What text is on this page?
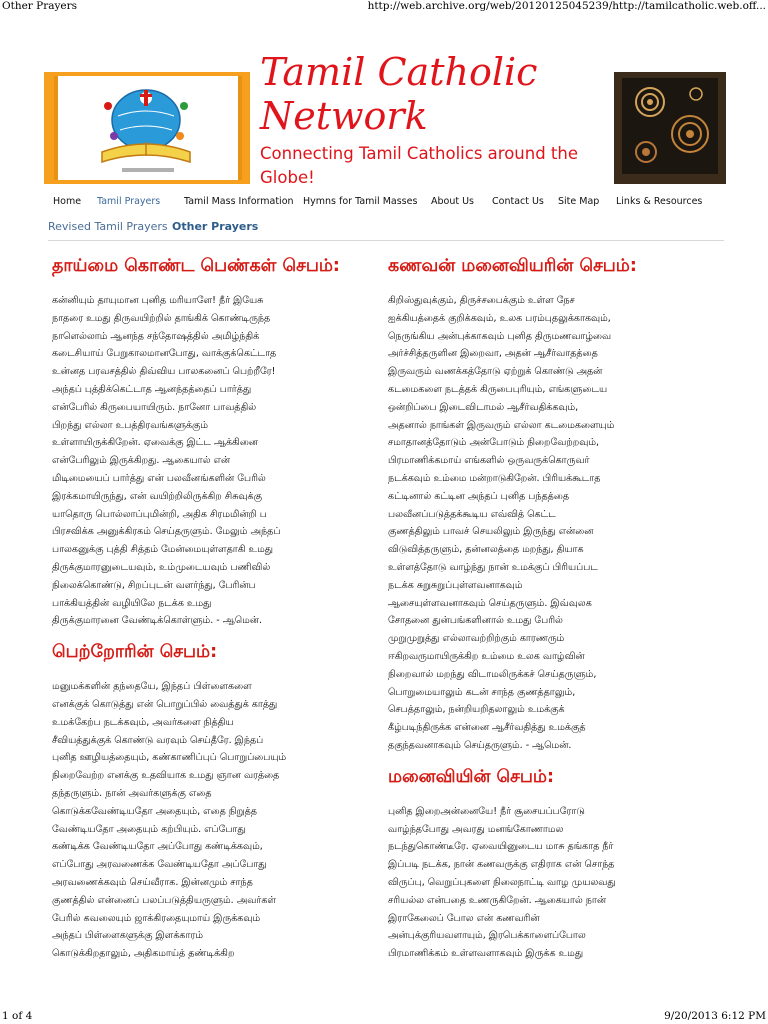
Other Prayers	http://web.archive.org/web/20120125045239/http://tamilcatholic.web.off...
Tamil Catholic
Network
Connecting Tamil Catholics around the Globe!
Home Tamil Prayers	Tamil Mass Information Hymns for Tamil Masses About Us Contact Us Site Map Links & Resources
Revised Tamil Prayers Other Prayers
தாய்மை கொண்ட பெண்கள் செபம்:
கன்னியும் தாயுமான புனித மரியாளே! நீர் இயேசு
நாதரை உமது திருவயிற்றில் தாங்கிக் கொண்டிருந்த
நாளெல்லாம் ஆனந்த சந்தோஷத்தில் அமிழ்ந்திக்
கடைசியாய் பேறுகாலமானபோது, வாக்குக்கெட்டாத
உன்னத பரவசத்தில் திவ்விய பாலகனைப் பெற்றீரே!
அந்தப் புத்திக்கெட்டாத ஆனந்தத்தைப் பார்த்து
என்பேரில் கிருபையாயிரும். நானோ பாவத்தில்
பிறந்து எல்லா உபத்திரவங்களுக்கும்
உள்ளாயிருக்கிறேன். ஏவைக்கு இட்ட ஆக்கினை
என்பேரிலும் இருக்கிறது. ஆகையால் என்
மிடிமையைப் பார்த்து என் பலவீனங்களின் பேரில்
இரக்கமாயிருந்து, என் வயிற்றிலிருக்கிற சிசுவுக்கு
யாதொரு பொல்லாப்புமின்றி, அதிக சிரமமின்றி ப
பிரசவிக்க அனுக்கிரகம் செய்தருளும். மேலும் அந்தப்
பாலகனுக்கு புத்தி சித்தம் மேன்மையுள்ளதாகி உமது
திருக்குமாரனுடையவும், உம்முடையவும் பணிவில்
நிலைக்கொண்டு, சிறப்புடன் வளர்ந்து, பேரின்ப
பாக்கியத்தின் வழியிலே நடக்க உமது
திருக்குமாரனை வேண்டிக்கொள்ளும். - ஆமென்.
பெற்றோரின் செபம்:
மனுமக்களின் தந்தையே, இந்தப் பிள்ளைகளை
எனக்குக் கொடுத்து என் பொறுப்பில் வைத்துக் காத்து
உமக்கேற்ப நடக்கவும், அவர்களை நித்திய
சீவியத்துக்குக் கொண்டு வரவும் செய்தீரே. இந்தப்
புனித ஊழியத்தையும், கண்காணிப்புப் பொறுப்பையும்
நிறைவேற்ற எனக்கு உதவியாக உமது ஞான வரத்தை
தந்தருளும். நான் அவர்களுக்கு எதை
கொடுக்கவேண்டியதோ அதையும், எதை நிறுத்த
வேண்டியதோ அதையும் கற்பியும். எப்போது
கண்டிக்க வேண்டியதோ அப்போது கண்டிக்கவும்,
எப்போது அரவணைக்க வேண்டியதோ அப்போது
அரவணைக்கவும் செய்வீராக. இன்னமும் சாந்த
குணத்தில் என்னைப் பலப்படுத்தியருளும். அவர்கள்
பேரில் கவலையும் ஜாக்கிரதையுமாய் இருக்கவும்
அந்தப் பிள்ளைகளுக்கு இளக்காரம்
கொடுக்கிறதாலும், அதிகமாய்த் தண்டிக்கிற
கணவன் மனைவியரின் செபம்:
கிறிஸ்துவுக்கும், திருச்சபைக்கும் உள்ள நேச
ஐக்கியத்தைக் குறிக்கவும், உலக பரம்புதலுக்காகவும்,
நெருங்கிய அன்புக்காகவும் புனித திருமணவாழ்வை
அர்ச்சித்தருளின இறைவா, அதன் ஆசீர்வாதத்தை
இருவரும் வணக்கத்தோடு ஏற்றுக் கொண்டு அதன்
கடமைகளை நடத்தக் கிருபைபுரியும், எங்களுடைய
ஒன்றிப்பை இடைவிடாமல் ஆசீர்வதிக்கவும்,
அதனால் நாங்கள் இருவரும் எல்லா கடமைகளையும்
சமாதானத்தோடும் அன்போடும் நிறைவேற்றவும்,
பிரமாணிக்கமாய் எங்களில் ஒருவருக்கொருவர்
நடக்கவும் உம்மை மன்றாடுகிறேன். பிரியக்கூடாத
கட்டினால் கட்டின அந்தப் புனித பந்தத்தை
பலவீனப்படுத்தக்கூடிய எவ்வித் கெட்ட
குணத்திலும் பாவச் செயலிலும் இருந்து என்னை
விடுவித்தருளும், தன்னலத்தை மறந்து, தியாக
உள்ளத்தோடு வாழ்ந்து நான் உமக்குப் பிரியப்பட
நடக்க சுறுசுறுப்புள்ளவனாகவும்
ஆசையுள்ளவனாகவும் செய்தருளும். இவ்வுலக
சோதனை துன்பங்களினால் உமது பேரில்
முறுமுறுத்து எல்லாவற்றிற்கும் காரணரும்
ஈகிறவருமாயிருக்கிற உம்மை உலக வாழ்வின்
நிறைவால் மறந்து விடாமலிருக்கச் செய்தருளும்,
பொறுமையாலும் கடன் சாந்த குணத்தாலும்,
செபத்தாலும், நன்றியறிதலாலும் உமக்குக்
கீழ்படிந்திருக்க என்னை ஆசீர்வதித்து உமக்குத்
தகுந்தவனாகவும் செய்தருளும். - ஆமென்.
மனைவியின் செபம்:
புனித இறைஅன்னையே! நீர் சூசையப்பரோடு
வாழ்ந்தபோது அவரது மனங்கோணாமல
நடந்துகொண்டீரே. ஏவையினுடைய மாசு தங்காத நீர்
இப்படி நடக்க, நான் கணவருக்கு எதிராக என் சொந்த
விருப்பு, வெறுப்புகளை நிலைநாட்டி வாழ முயலவது
சரியல்ல என்பதை உணருகிறேன். ஆகையால் நான்
இராகேலைப் போல என் கணவரின்
அன்புக்குரியவளாயும், இரபெக்காளைப்போல
பிரமாணிக்கம் உள்ளவளாகவும் இருக்க உமது
1 of 4	9/20/2013 6:12 PM
